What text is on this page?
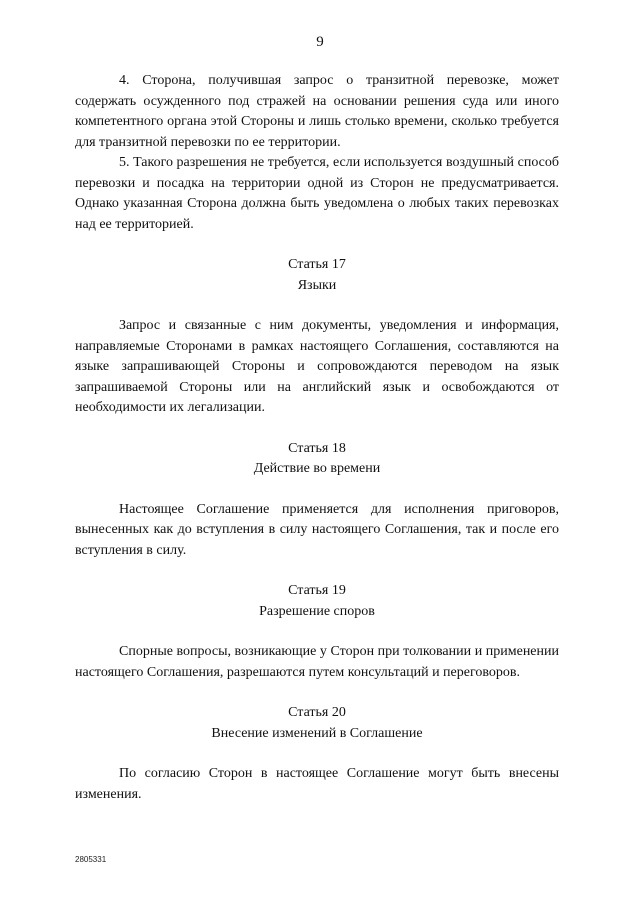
9

4. Сторона, получившая запрос о транзитной перевозке, может содержать осужденного под стражей на основании решения суда или иного компетентного органа этой Стороны и лишь столько времени, сколько требуется для транзитной перевозки по ее территории.

5. Такого разрешения не требуется, если используется воздушный способ перевозки и посадка на территории одной из Сторон не предусматривается. Однако указанная Сторона должна быть уведомлена о любых таких перевозках над ее территорией.

Статья 17

Языки

Запрос и связанные с ним документы, уведомления и информация, направляемые Сторонами в рамках настоящего Соглашения, составляются на языке запрашивающей Стороны и сопровождаются переводом на язык запрашиваемой Стороны или на английский язык и освобождаются от необходимости их легализации.

Статья 18

Действие во времени

Настоящее Соглашение применяется для исполнения приговоров, вынесенных как до вступления в силу настоящего Соглашения, так и после его вступления в силу.

Статья 19

Разрешение споров

Спорные вопросы, возникающие у Сторон при толковании и применении настоящего Соглашения, разрешаются путем консультаций и переговоров.

Статья 20

Внесение изменений в Соглашение

По согласию Сторон в настоящее Соглашение могут быть внесены изменения.

2805331
